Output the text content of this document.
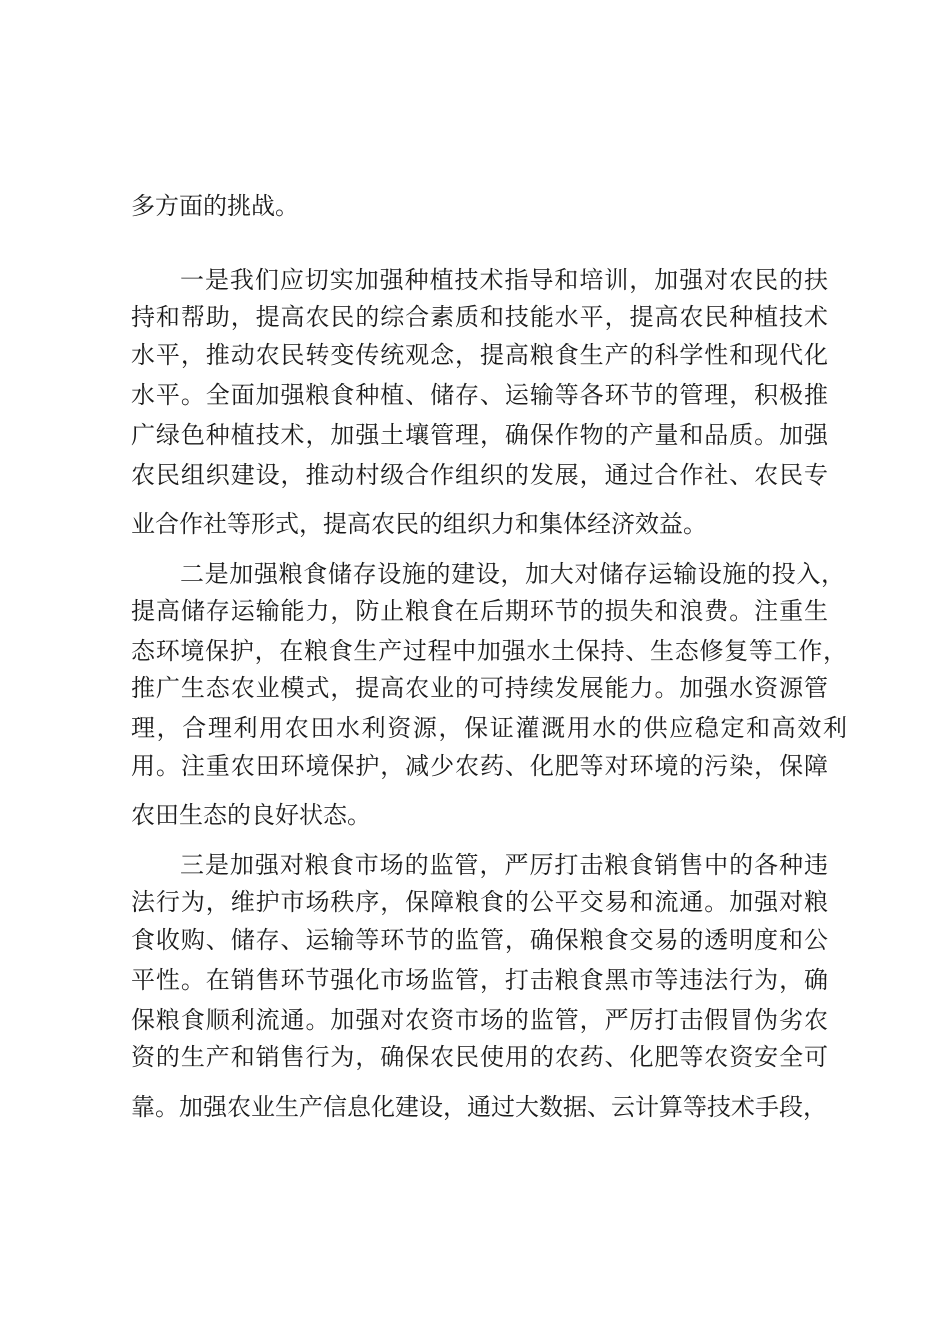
多方面的挑战。
一是我们应切实加强种植技术指导和培训，加强对农民的扶
持和帮助，提高农民的综合素质和技能水平，提高农民种植技术
水平，推动农民转变传统观念，提高粮食生产的科学性和现代化
水平。全面加强粮食种植、储存、运输等各环节的管理，积极推
广绿色种植技术，加强土壤管理，确保作物的产量和品质。加强
农民组织建设，推动村级合作组织的发展，通过合作社、农民专
业合作社等形式，提高农民的组织力和集体经济效益。
二是加强粮食储存设施的建设，加大对储存运输设施的投入，
提高储存运输能力，防止粮食在后期环节的损失和浪费。注重生
态环境保护，在粮食生产过程中加强水土保持、生态修复等工作，
推广生态农业模式，提高农业的可持续发展能力。加强水资源管
理，合理利用农田水利资源，保证灌溉用水的供应稳定和高效利
用。注重农田环境保护，减少农药、化肥等对环境的污染，保障
农田生态的良好状态。
三是加强对粮食市场的监管，严厉打击粮食销售中的各种违
法行为，维护市场秩序，保障粮食的公平交易和流通。加强对粮
食收购、储存、运输等环节的监管，确保粮食交易的透明度和公
平性。在销售环节强化市场监管，打击粮食黑市等违法行为，确
保粮食顺利流通。加强对农资市场的监管，严厉打击假冒伪劣农
资的生产和销售行为，确保农民使用的农药、化肥等农资安全可
靠。加强农业生产信息化建设，通过大数据、云计算等技术手段，
